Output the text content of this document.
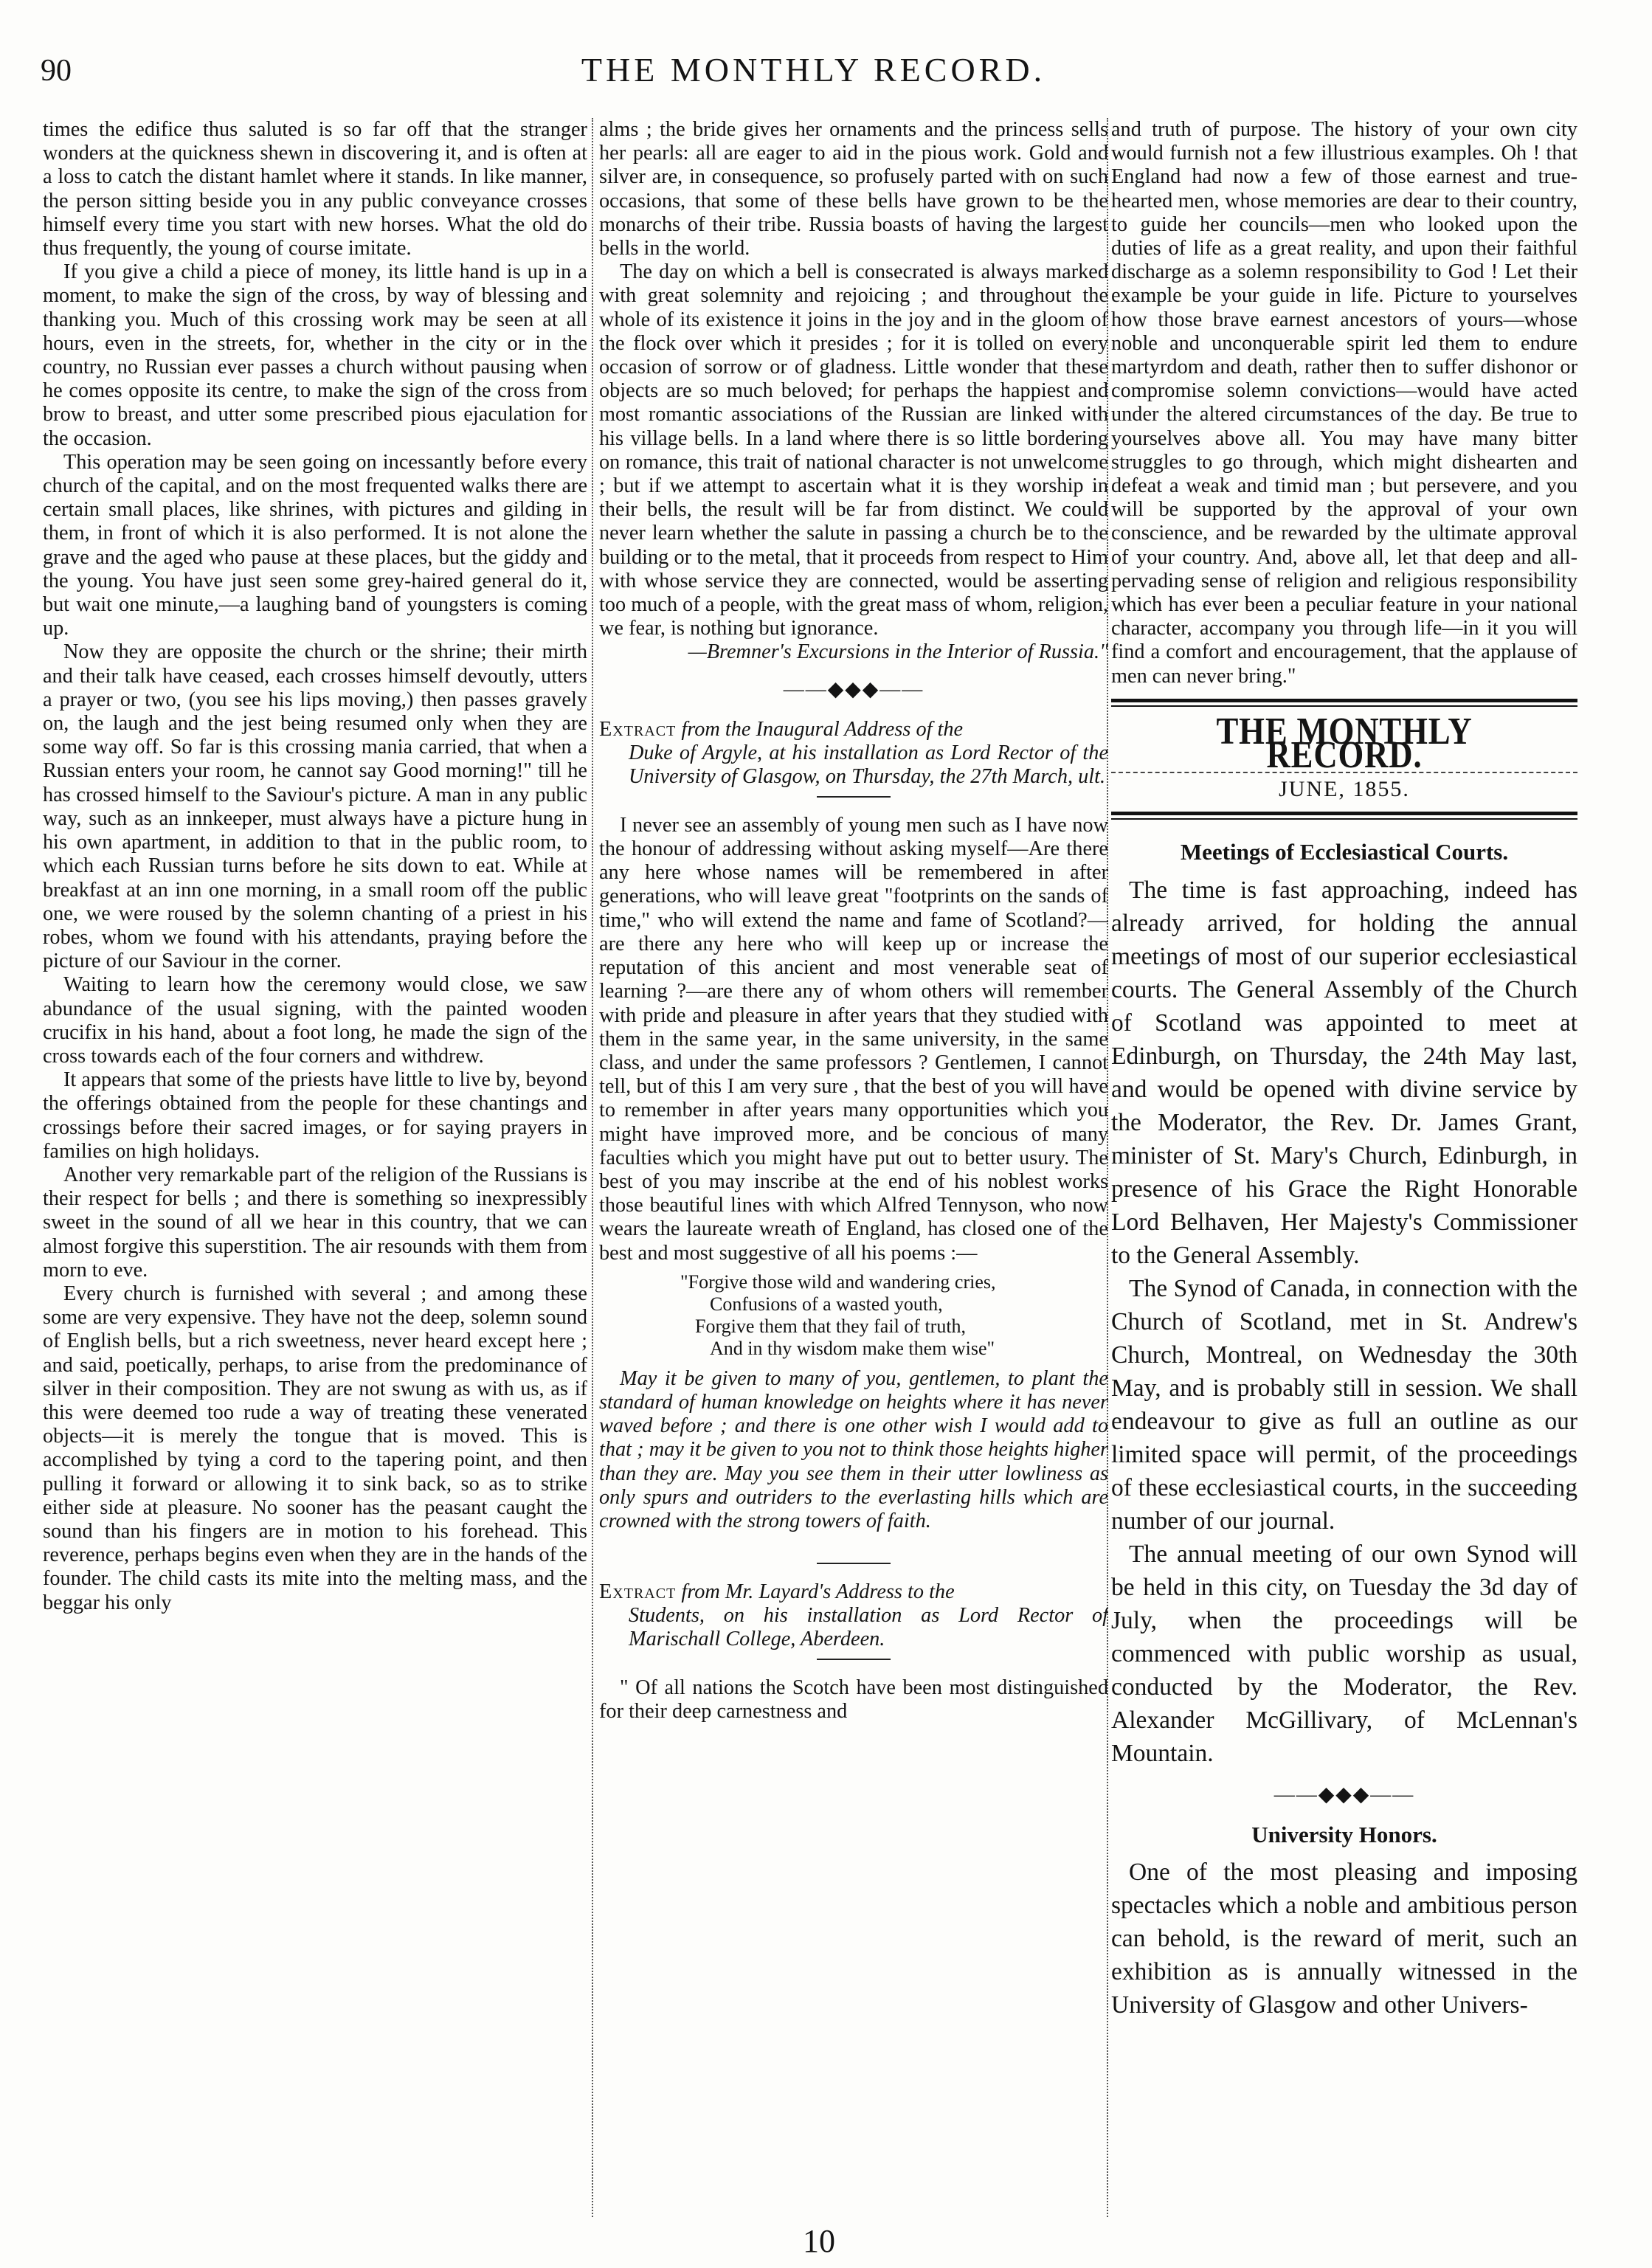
90	THE MONTHLY RECORD.

times the edifice thus saluted is so far off that the stranger wonders at the quickness shewn in discovering it, and is often at a loss to catch the distant hamlet where it stands. In like manner, the person sitting beside you in any public conveyance crosses himself every time you start with new horses. What the old do thus frequently, the young of course imitate.

If you give a child a piece of money, its little hand is up in a moment, to make the sign of the cross, by way of blessing and thanking you. Much of this crossing work may be seen at all hours, even in the streets, for, whether in the city or in the country, no Russian ever passes a church without pausing when he comes opposite its centre, to make the sign of the cross from brow to breast, and utter some prescribed pious ejaculation for the occasion.

This operation may be seen going on incessantly before every church of the capital, and on the most frequented walks there are certain small places, like shrines, with pictures and gilding in them, in front of which it is also performed. It is not alone the grave and the aged who pause at these places, but the giddy and the young. You have just seen some grey-haired general do it, but wait one minute,—a laughing band of youngsters is coming up.

Now they are opposite the church or the shrine; their mirth and their talk have ceased, each crosses himself devoutly, utters a prayer or two, (you see his lips moving,) then passes gravely on, the laugh and the jest being resumed only when they are some way off. So far is this crossing mania carried, that when a Russian enters your room, he cannot say Good morning!" till he has crossed himself to the Saviour's picture. A man in any public way, such as an innkeeper, must always have a picture hung in his own apartment, in addition to that in the public room, to which each Russian turns before he sits down to eat. While at breakfast at an inn one morning, in a small room off the public one, we were roused by the solemn chanting of a priest in his robes, whom we found with his attendants, praying before the picture of our Saviour in the corner.

Waiting to learn how the ceremony would close, we saw abundance of the usual signing, with the painted wooden crucifix in his hand, about a foot long, he made the sign of the cross towards each of the four corners and withdrew.

It appears that some of the priests have little to live by, beyond the offerings obtained from the people for these chantings and crossings before their sacred images, or for saying prayers in families on high holidays.

Another very remarkable part of the religion of the Russians is their respect for bells ; and there is something so inexpressibly sweet in the sound of all we hear in this country, that we can almost forgive this superstition. The air resounds with them from morn to eve.

Every church is furnished with several ; and among these some are very expensive. They have not the deep, solemn sound of English bells, but a rich sweetness, never heard except here ; and said, poetically, perhaps, to arise from the predominance of silver in their composition. They are not swung as with us, as if this were deemed too rude a way of treating these venerated objects—it is merely the tongue that is moved. This is accomplished by tying a cord to the tapering point, and then pulling it forward or allowing it to sink back, so as to strike either side at pleasure. No sooner has the peasant caught the sound than his fingers are in motion to his forehead. This reverence, perhaps begins even when they are in the hands of the founder. The child casts its mite into the melting mass, and the beggar his only

alms ; the bride gives her ornaments and the princess sells her pearls: all are eager to aid in the pious work. Gold and silver are, in consequence, so profusely parted with on such occasions, that some of these bells have grown to be the monarchs of their tribe. Russia boasts of having the largest bells in the world.

The day on which a bell is consecrated is always marked with great solemnity and rejoicing ; and throughout the whole of its existence it joins in the joy and in the gloom of the flock over which it presides ; for it is tolled on every occasion of sorrow or of gladness. Little wonder that these objects are so much beloved; for perhaps the happiest and most romantic associations of the Russian are linked with his village bells. In a land where there is so little bordering on romance, this trait of national character is not unwelcome ; but if we attempt to ascertain what it is they worship in their bells, the result will be far from distinct. We could never learn whether the salute in passing a church be to the building or to the metal, that it proceeds from respect to Him with whose service they are connected, would be asserting too much of a people, with the great mass of whom, religion, we fear, is nothing but ignorance.

—Bremner's Excursions in the Interior of Russia."

——◆◆◆——

Extract from the Inaugural Address of the
Duke of Argyle, at his installation as Lord Rector of the University of Glasgow, on Thursday, the 27th March, ult.

I never see an assembly of young men such as I have now the honour of addressing without asking myself—Are there any here whose names will be remembered in after generations, who will leave great "footprints on the sands of time," who will extend the name and fame of Scotland?—are there any here who will keep up or increase the reputation of this ancient and most venerable seat of learning ?—are there any of whom others will remember with pride and pleasure in after years that they studied with them in the same year, in the same university, in the same class, and under the same professors ? Gentlemen, I cannot tell, but of this I am very sure , that the best of you will have to remember in after years many opportunities which you might have improved more, and be concious of many faculties which you might have put out to better usury. The best of you may inscribe at the end of his noblest works those beautiful lines with which Alfred Tennyson, who now wears the laureate wreath of England, has closed one of the best and most suggestive of all his poems :—

"Forgive those wild and wandering cries,
Confusions of a wasted youth,
Forgive them that they fail of truth,
And in thy wisdom make them wise"

May it be given to many of you, gentlemen, to plant the standard of human knowledge on heights where it has never waved before ; and there is one other wish I would add to that ; may it be given to you not to think those heights higher than they are. May you see them in their utter lowliness as only spurs and outriders to the everlasting hills which are crowned with the strong towers of faith.

Extract from Mr. Layard's Address to the
Students, on his installation as Lord Rector of Marischall College, Aberdeen.

" Of all nations the Scotch have been most distinguished for their deep carnestness and

and truth of purpose. The history of your own city would furnish not a few illustrious examples. Oh ! that England had now a few of those earnest and true-hearted men, whose memories are dear to their country, to guide her councils—men who looked upon the duties of life as a great reality, and upon their faithful discharge as a solemn responsibility to God ! Let their example be your guide in life. Picture to yourselves how those brave earnest ancestors of yours—whose noble and unconquerable spirit led them to endure martyrdom and death, rather then to suffer dishonor or compromise solemn convictions—would have acted under the altered circumstances of the day. Be true to yourselves above all. You may have many bitter struggles to go through, which might dishearten and defeat a weak and timid man ; but persevere, and you will be supported by the approval of your own conscience, and be rewarded by the ultimate approval of your country. And, above all, let that deep and all-pervading sense of religion and religious responsibility which has ever been a peculiar feature in your national character, accompany you through life—in it you will find a comfort and encouragement, that the applause of men can never bring."

THE MONTHLY RECORD.
JUNE, 1855.
Meetings of Ecclesiastical Courts.

The time is fast approaching, indeed has already arrived, for holding the annual meetings of most of our superior ecclesiastical courts. The General Assembly of the Church of Scotland was appointed to meet at Edinburgh, on Thursday, the 24th May last, and would be opened with divine service by the Moderator, the Rev. Dr. James Grant, minister of St. Mary's Church, Edinburgh, in presence of his Grace the Right Honorable Lord Belhaven, Her Majesty's Commissioner to the General Assembly.

The Synod of Canada, in connection with the Church of Scotland, met in St. Andrew's Church, Montreal, on Wednesday the 30th May, and is probably still in session. We shall endeavour to give as full an outline as our limited space will permit, of the proceedings of these ecclesiastical courts, in the succeeding number of our journal.

The annual meeting of our own Synod will be held in this city, on Tuesday the 3d day of July, when the proceedings will be commenced with public worship as usual, conducted by the Moderator, the Rev. Alexander McGillivary, of McLennan's Mountain.

——◆◆◆——
University Honors.

One of the most pleasing and imposing spectacles which a noble and ambitious person can behold, is the reward of merit, such an exhibition as is annually witnessed in the University of Glasgow and other Univers-

10
